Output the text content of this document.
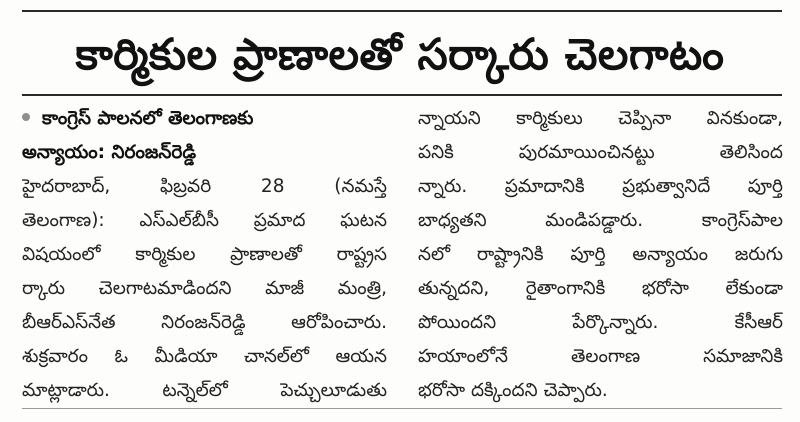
కార్మికుల ప్రాణాలతో సర్కారు చెలగాటం
కాంగ్రెస్ పాలనలో తెలంగాణకు
అన్యాయం: నిరంజన్‌రెడ్డి
హైదరాబాద్, ఫిబ్రవరి 28 (నమస్తే
తెలంగాణ): ఎస్ఎల్‌బీసీ ప్రమాద ఘటన
విషయంలో కార్మికుల ప్రాణాలతో రాష్ట్రస
ర్కారు చెలగాటమాడిందని మాజీ మంత్రి,
బీఆర్ఎస్‌నేత నిరంజన్‌రెడ్డి ఆరోపించారు.
శుక్రవారం ఓ మీడియా చానల్‌లో ఆయన
మాట్లాడారు. టన్నెల్‌లో పెచ్చులూడుతు
న్నాయని కార్మికులు చెప్పినా వినకుండా,
పనికి పురమాయించినట్టు తెలిసింద
న్నారు. ప్రమాదానికి ప్రభుత్వానిదే పూర్తి
బాధ్యతని మండిపడ్డారు. కాంగ్రెస్‌పాల
నలో రాష్ట్రానికి పూర్తి అన్యాయం జరుగు
తున్నదని, రైతాంగానికి భరోసా లేకుండా
పోయిందని పేర్కొన్నారు. కేసీఆర్
హయాంలోనే తెలంగాణ సమాజానికి
భరోసా దక్కిందని చెప్పారు.
